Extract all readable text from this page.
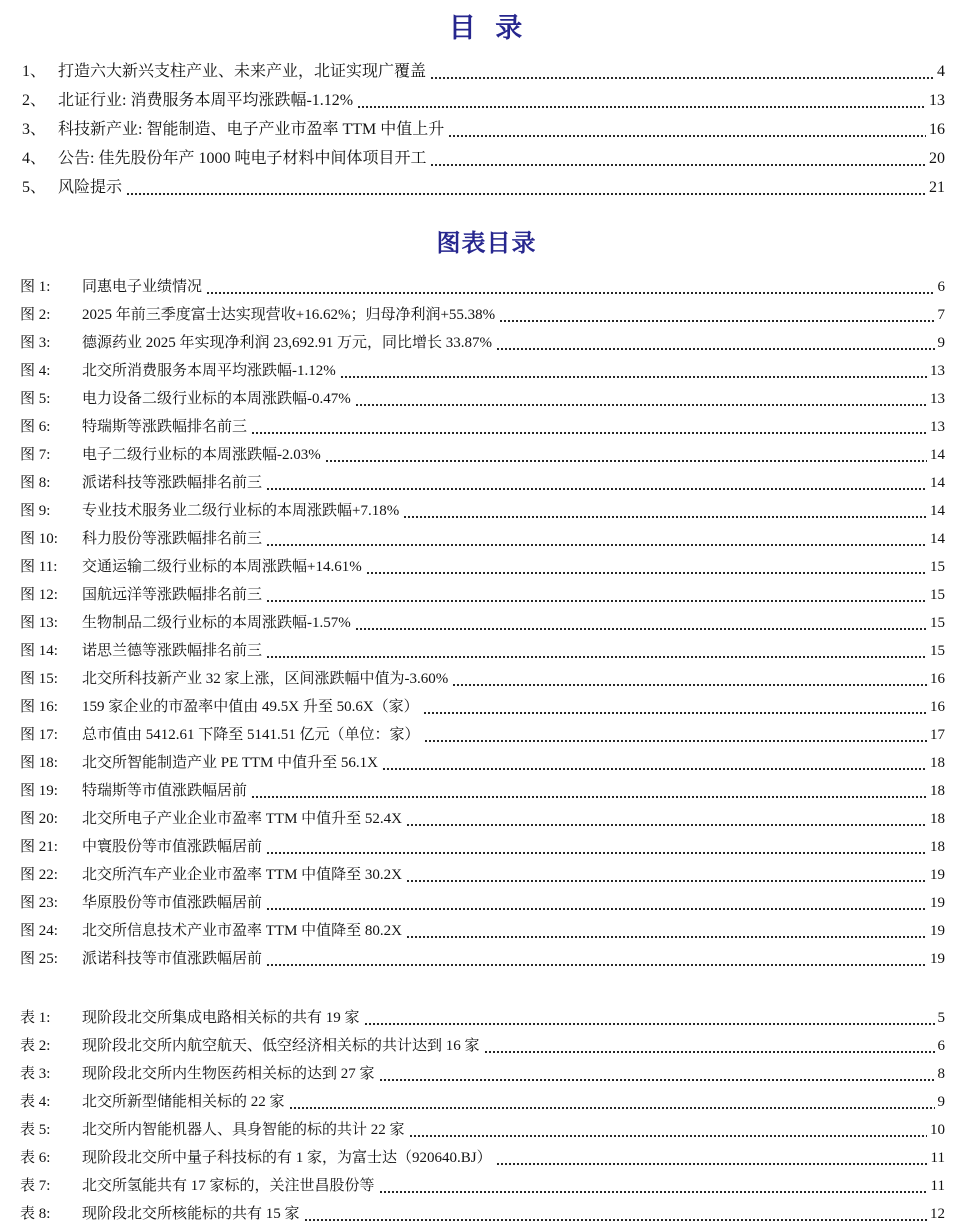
目  录
1、 打造六大新兴支柱产业、未来产业，北证实现广覆盖	4
2、 北证行业: 消费服务本周平均涨跌幅-1.12%	13
3、 科技新产业: 智能制造、电子产业市盈率 TTM 中值上升	16
4、 公告: 佳先股份年产 1000 吨电子材料中间体项目开工	20
5、 风险提示	21
图表目录
图 1:	同惠电子业绩情况	6
图 2:	2025 年前三季度富士达实现营收+16.62%；归母净利润+55.38%	7
图 3:	德源药业 2025 年实现净利润 23,692.91 万元，同比增长 33.87%	9
图 4:	北交所消费服务本周平均涨跌幅-1.12%	13
图 5:	电力设备二级行业标的本周涨跌幅-0.47%	13
图 6:	特瑞斯等涨跌幅排名前三	13
图 7:	电子二级行业标的本周涨跌幅-2.03%	14
图 8:	派诺科技等涨跌幅排名前三	14
图 9:	专业技术服务业二级行业标的本周涨跌幅+7.18%	14
图 10:	科力股份等涨跌幅排名前三	14
图 11:	交通运输二级行业标的本周涨跌幅+14.61%	15
图 12:	国航远洋等涨跌幅排名前三	15
图 13:	生物制品二级行业标的本周涨跌幅-1.57%	15
图 14:	诺思兰德等涨跌幅排名前三	15
图 15:	北交所科技新产业 32 家上涨，区间涨跌幅中值为-3.60%	16
图 16:	159 家企业的市盈率中值由 49.5X 升至 50.6X（家）	16
图 17:	总市值由 5412.61 下降至 5141.51 亿元（单位：家）	17
图 18:	北交所智能制造产业 PE TTM 中值升至 56.1X	18
图 19:	特瑞斯等市值涨跌幅居前	18
图 20:	北交所电子产业企业市盈率 TTM 中值升至 52.4X	18
图 21:	中寰股份等市值涨跌幅居前	18
图 22:	北交所汽车产业企业市盈率 TTM 中值降至 30.2X	19
图 23:	华原股份等市值涨跌幅居前	19
图 24:	北交所信息技术产业市盈率 TTM 中值降至 80.2X	19
图 25:	派诺科技等市值涨跌幅居前	19
表 1:	现阶段北交所集成电路相关标的共有 19 家	5
表 2:	现阶段北交所内航空航天、低空经济相关标的共计达到 16 家	6
表 3:	现阶段北交所内生物医药相关标的达到 27 家	8
表 4:	北交所新型储能相关标的 22 家	9
表 5:	北交所内智能机器人、具身智能的标的共计 22 家	10
表 6:	现阶段北交所中量子科技标的有 1 家，为富士达（920640.BJ）	11
表 7:	北交所氢能共有 17 家标的，关注世昌股份等	11
表 8:	现阶段北交所核能标的共有 15 家	12
